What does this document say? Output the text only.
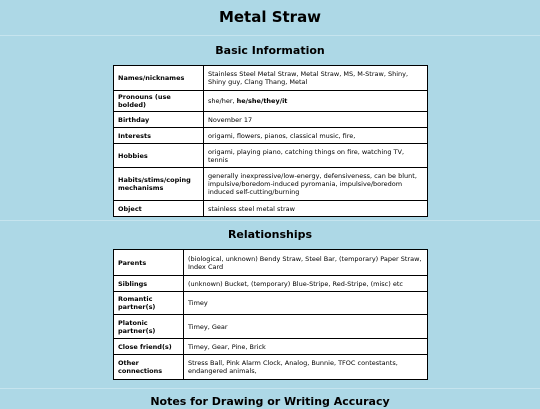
Metal Straw
Basic Information
Names/nicknames	Stainless Steel Metal Straw, Metal Straw, MS, M-Straw, Shiny, Shiny guy, Clang Thang, Metal
Pronouns (use bolded)	she/her, he/she/they/it
Birthday	November 17
Interests	origami, flowers, pianos, classical music, fire,
Hobbies	origami, playing piano, catching things on fire, watching TV, tennis
Habits/stims/coping mechanisms	generally inexpressive/low-energy, defensiveness, can be blunt, impulsive/boredom-induced pyromania, impulsive/boredom induced self-cutting/burning
Object	stainless steel metal straw
Relationships
Parents	(biological, unknown) Bendy Straw, Steel Bar, (temporary) Paper Straw, Index Card
Siblings	(unknown) Bucket, (temporary) Blue-Stripe, Red-Stripe, (misc) etc
Romantic partner(s)	Timey
Platonic partner(s)	Timey, Gear
Close friend(s)	Timey, Gear, Pine, Brick
Other connections	Stress Ball, Pink Alarm Clock, Analog, Bunnie, TFOC contestants, endangered animals,
Notes for Drawing or Writing Accuracy
